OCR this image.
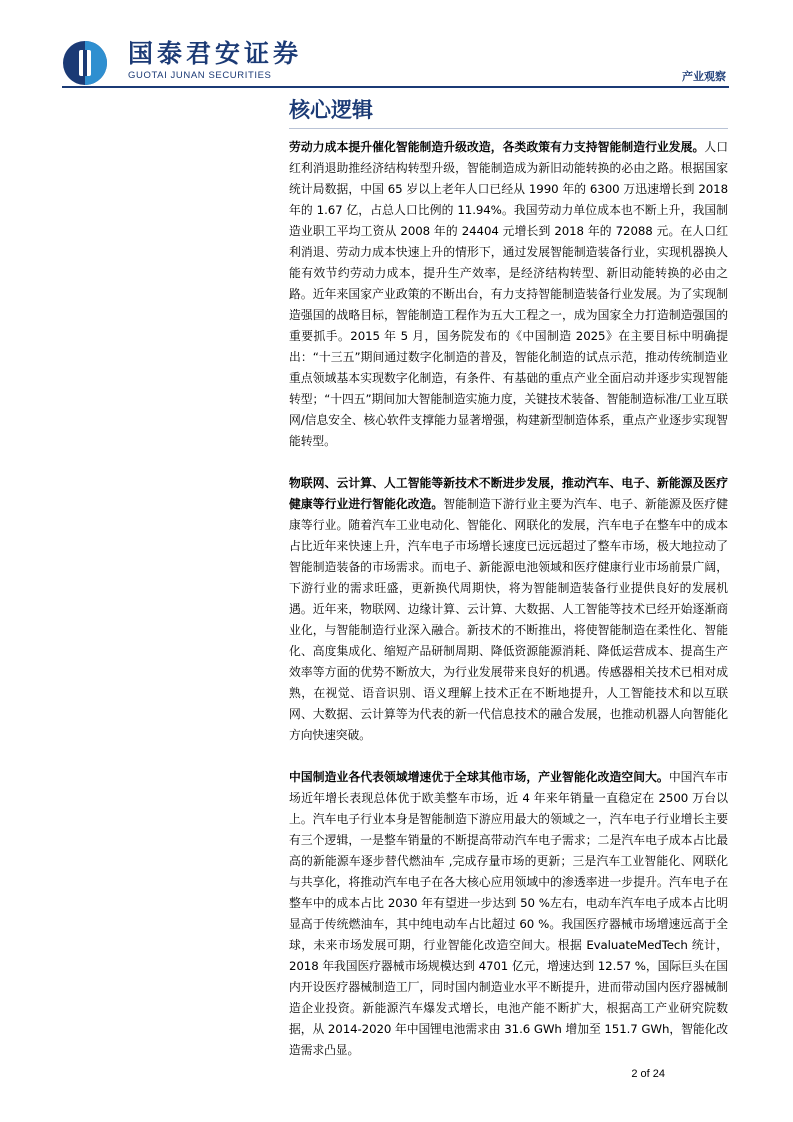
国泰君安证券
GUOTAI JUNAN SECURITIES	产业观察
核心逻辑

劳动力成本提升催化智能制造升级改造，各类政策有力支持智能制造行业发展。人口红利消退助推经济结构转型升级，智能制造成为新旧动能转换的必由之路。根据国家统计局数据，中国 65 岁以上老年人口已经从 1990 年的 6300 万迅速增长到 2018 年的 1.67 亿，占总人口比例的 11.94%。我国劳动力单位成本也不断上升，我国制造业职工平均工资从 2008 年的 24404 元增长到 2018 年的 72088 元。在人口红利消退、劳动力成本快速上升的情形下，通过发展智能制造装备行业，实现机器换人能有效节约劳动力成本，提升生产效率，是经济结构转型、新旧动能转换的必由之路。近年来国家产业政策的不断出台，有力支持智能制造装备行业发展。为了实现制造强国的战略目标，智能制造工程作为五大工程之一，成为国家全力打造制造强国的重要抓手。2015 年 5 月，国务院发布的《中国制造 2025》在主要目标中明确提出：“十三五”期间通过数字化制造的普及，智能化制造的试点示范，推动传统制造业重点领域基本实现数字化制造，有条件、有基础的重点产业全面启动并逐步实现智能转型；“十四五”期间加大智能制造实施力度，关键技术装备、智能制造标准/工业互联网/信息安全、核心软件支撑能力显著增强，构建新型制造体系，重点产业逐步实现智能转型。

物联网、云计算、人工智能等新技术不断进步发展，推动汽车、电子、新能源及医疗健康等行业进行智能化改造。智能制造下游行业主要为汽车、电子、新能源及医疗健康等行业。随着汽车工业电动化、智能化、网联化的发展，汽车电子在整车中的成本占比近年来快速上升，汽车电子市场增长速度已远远超过了整车市场，极大地拉动了智能制造装备的市场需求。而电子、新能源电池领域和医疗健康行业市场前景广阔，下游行业的需求旺盛，更新换代周期快，将为智能制造装备行业提供良好的发展机遇。近年来，物联网、边缘计算、云计算、大数据、人工智能等技术已经开始逐渐商业化，与智能制造行业深入融合。新技术的不断推出，将使智能制造在柔性化、智能化、高度集成化、缩短产品研制周期、降低资源能源消耗、降低运营成本、提高生产效率等方面的优势不断放大，为行业发展带来良好的机遇。传感器相关技术已相对成熟，在视觉、语音识别、语义理解上技术正在不断地提升，人工智能技术和以互联网、大数据、云计算等为代表的新一代信息技术的融合发展，也推动机器人向智能化方向快速突破。

中国制造业各代表领域增速优于全球其他市场，产业智能化改造空间大。中国汽车市场近年增长表现总体优于欧美整车市场，近 4 年来年销量一直稳定在 2500 万台以上。汽车电子行业本身是智能制造下游应用最大的领域之一，汽车电子行业增长主要有三个逻辑，一是整车销量的不断提高带动汽车电子需求；二是汽车电子成本占比最高的新能源车逐步替代燃油车 ,完成存量市场的更新；三是汽车工业智能化、网联化与共享化，将推动汽车电子在各大核心应用领域中的渗透率进一步提升。汽车电子在整车中的成本占比 2030 年有望进一步达到 50 %左右，电动车汽车电子成本占比明显高于传统燃油车，其中纯电动车占比超过 60 %。我国医疗器械市场增速远高于全球，未来市场发展可期，行业智能化改造空间大。根据 EvaluateMedTech 统计，2018 年我国医疗器械市场规模达到 4701 亿元，增速达到 12.57 %，国际巨头在国内开设医疗器械制造工厂，同时国内制造业水平不断提升，进而带动国内医疗器械制造企业投资。新能源汽车爆发式增长，电池产能不断扩大，根据高工产业研究院数据，从 2014-2020 年中国锂电池需求由 31.6 GWh 增加至 151.7 GWh，智能化改造需求凸显。

2 of 24
